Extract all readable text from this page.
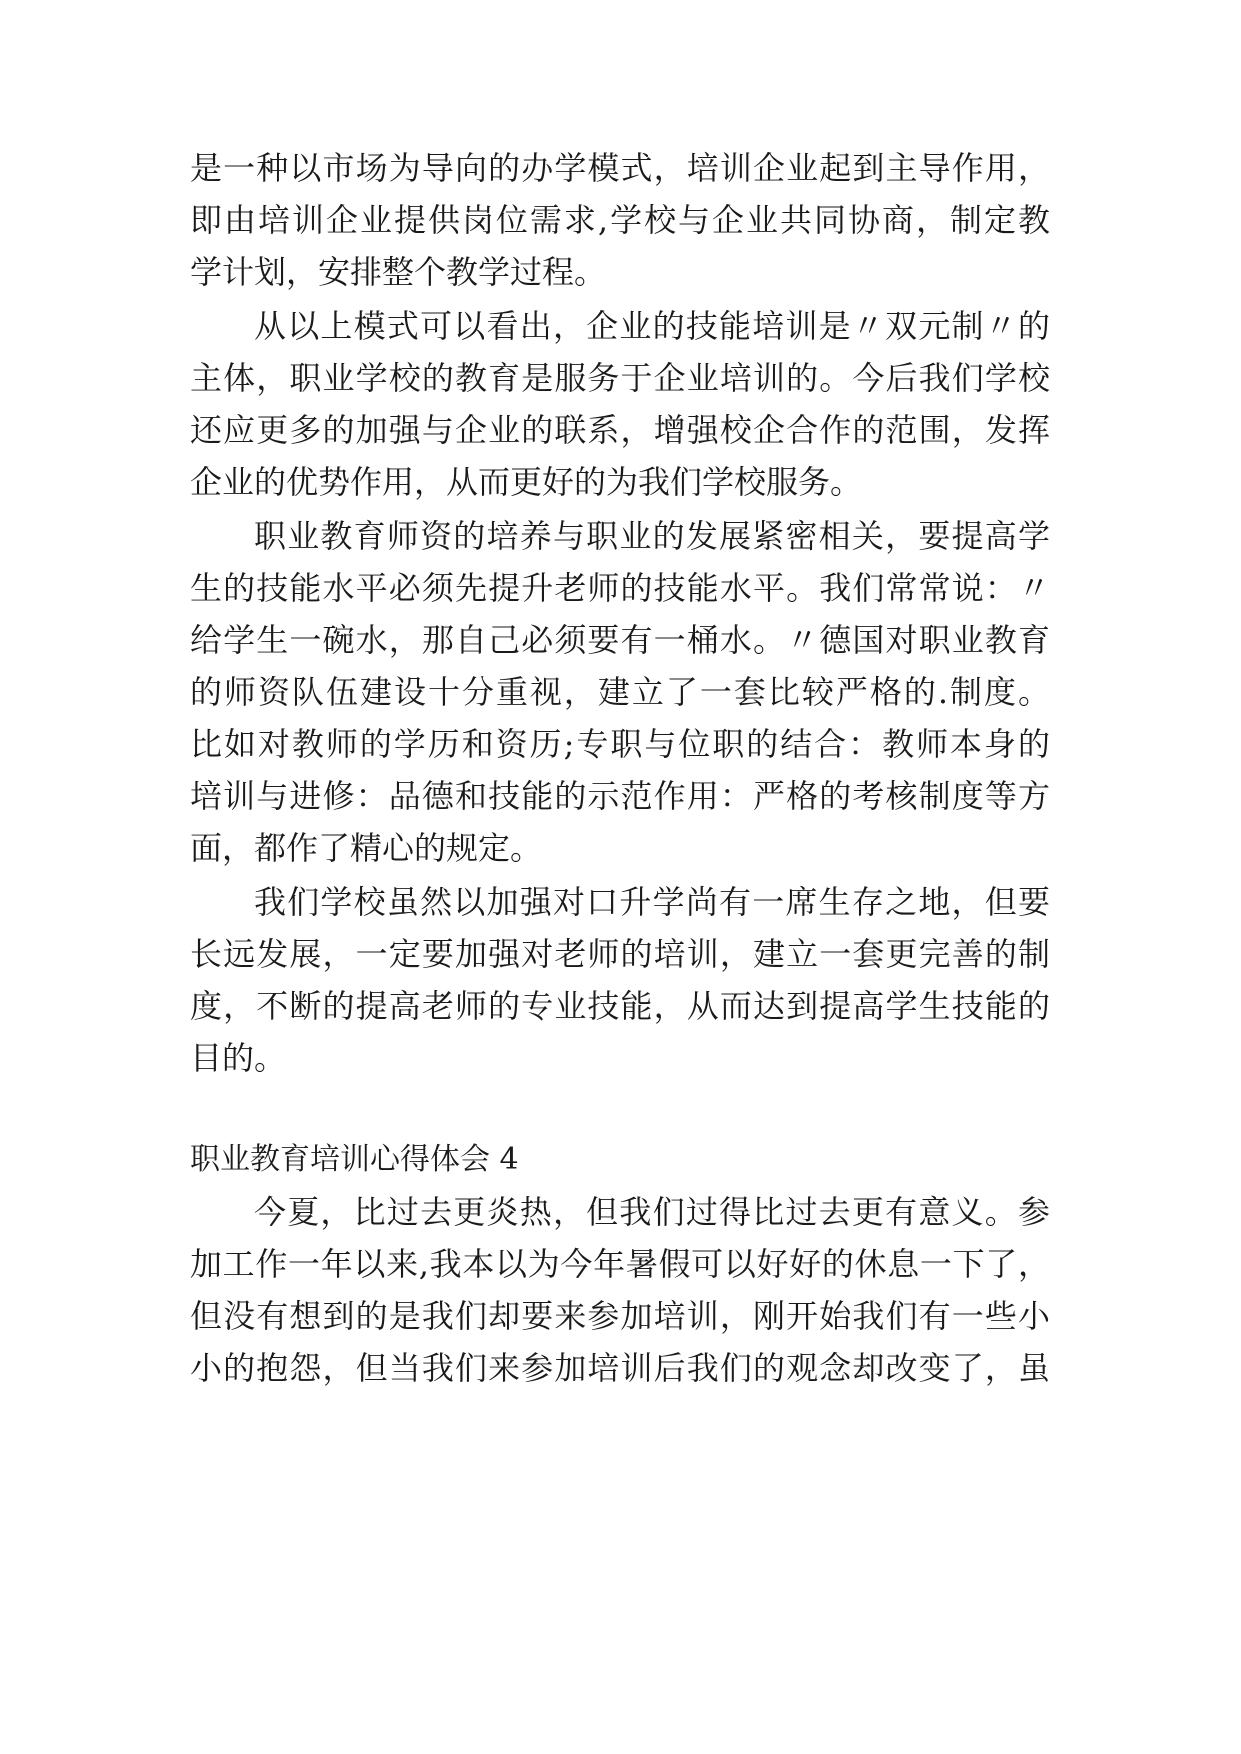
是一种以市场为导向的办学模式，培训企业起到主导作用，
即由培训企业提供岗位需求,学校与企业共同协商，制定教
学计划，安排整个教学过程。
从以上模式可以看出，企业的技能培训是〃双元制〃的
主体，职业学校的教育是服务于企业培训的。今后我们学校
还应更多的加强与企业的联系，增强校企合作的范围，发挥
企业的优势作用，从而更好的为我们学校服务。
职业教育师资的培养与职业的发展紧密相关，要提高学
生的技能水平必须先提升老师的技能水平。我们常常说：〃
给学生一碗水，那自己必须要有一桶水。〃德国对职业教育
的师资队伍建设十分重视，建立了一套比较严格的.制度。
比如对教师的学历和资历;专职与位职的结合：教师本身的
培训与进修：品德和技能的示范作用：严格的考核制度等方
面，都作了精心的规定。
我们学校虽然以加强对口升学尚有一席生存之地，但要
长远发展，一定要加强对老师的培训，建立一套更完善的制
度，不断的提高老师的专业技能，从而达到提高学生技能的
目的。
职业教育培训心得体会 4
今夏，比过去更炎热，但我们过得比过去更有意义。参
加工作一年以来,我本以为今年暑假可以好好的休息一下了，
但没有想到的是我们却要来参加培训，刚开始我们有一些小
小的抱怨，但当我们来参加培训后我们的观念却改变了，虽
